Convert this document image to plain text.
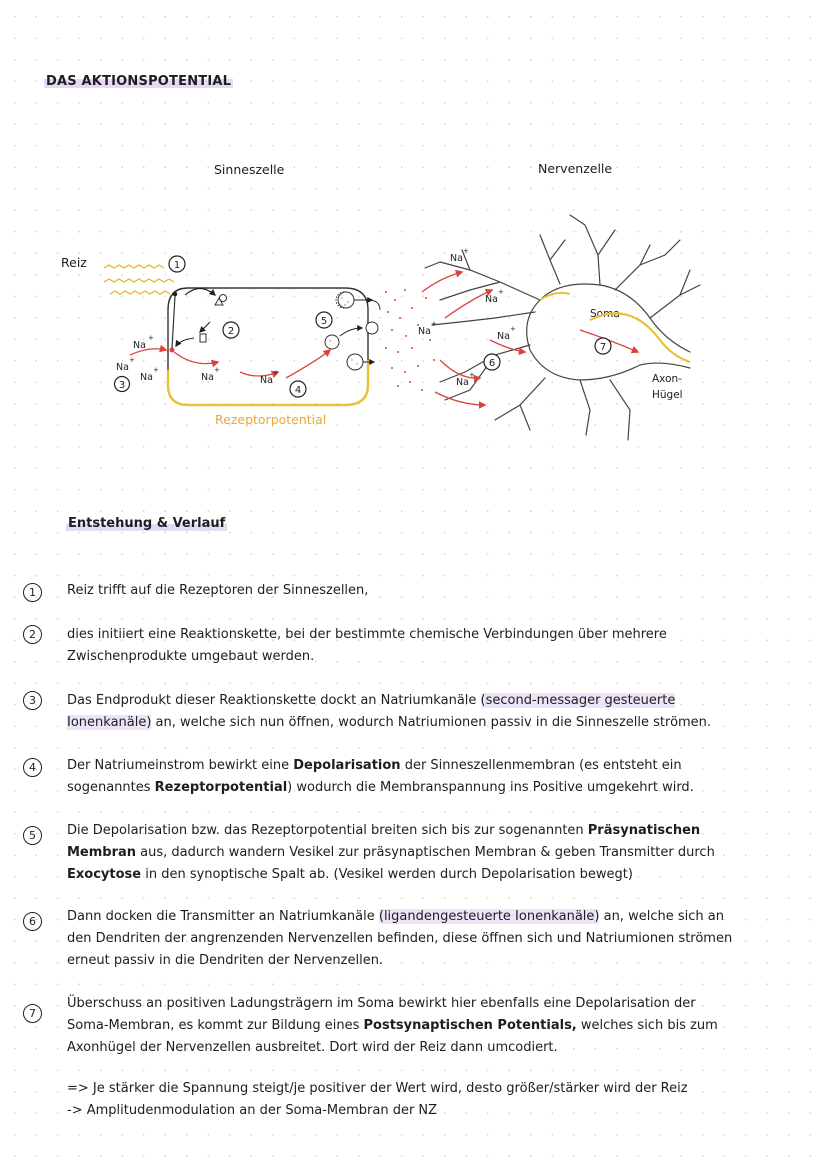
DAS AKTIONSPOTENTIAL
Sinneszelle	Nervenzelle
Reiz
Rezeptorpotential
Soma
Axon-
Hügel
Na
+
Na
+
Na
+
Na
+
Na
+
Na
+
Na
+
Na
+
Na
+
Na
+
1
2
3	4
5
6
7
Entstehung & Verlauf
1	Reiz trifft auf die Rezeptoren der Sinneszellen,
2	dies initiiert eine Reaktionskette, bei der bestimmte chemische Verbindungen über mehrere
Zwischenprodukte umgebaut werden.
3	Das Endprodukt dieser Reaktionskette dockt an Natriumkanäle (second-messager gesteuerte
Ionenkanäle) an, welche sich nun öffnen, wodurch Natriumionen passiv in die Sinneszelle strömen.
4	Der Natriumeinstrom bewirkt eine Depolarisation der Sinneszellenmembran (es entsteht ein
sogenanntes Rezeptorpotential) wodurch die Membranspannung ins Positive umgekehrt wird.
5	Die Depolarisation bzw. das Rezeptorpotential breiten sich bis zur sogenannten Präsynatischen
Membran aus, dadurch wandern Vesikel zur präsynaptischen Membran & geben Transmitter durch
Exocytose in den synoptische Spalt ab. (Vesikel werden durch Depolarisation bewegt)
6	Dann docken die Transmitter an Natriumkanäle (ligandengesteuerte Ionenkanäle) an, welche sich an
den Dendriten der angrenzenden Nervenzellen befinden, diese öffnen sich und Natriumionen strömen
erneut passiv in die Dendriten der Nervenzellen.
7
Überschuss an positiven Ladungsträgern im Soma bewirkt hier ebenfalls eine Depolarisation der
Soma-Membran, es kommt zur Bildung eines Postsynaptischen Potentials, welches sich bis zum
Axonhügel der Nervenzellen ausbreitet. Dort wird der Reiz dann umcodiert.
=> Je stärker die Spannung steigt/je positiver der Wert wird, desto größer/stärker wird der Reiz
-> Amplitudenmodulation an der Soma-Membran der NZ
